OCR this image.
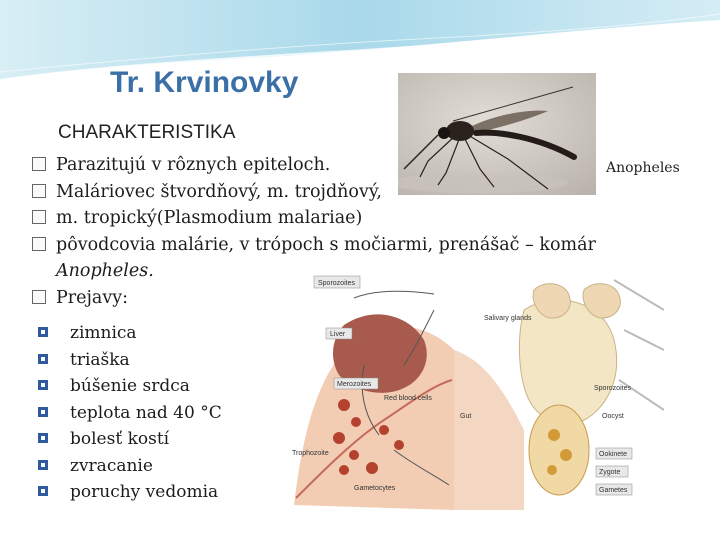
Tr. Krvinovky
CHARAKTERISTIKA
Parazitujú v rôznych epiteloch.
Maláriovec štvordňový, m. trojdňový,
m. tropický(Plasmodium malariae)
pôvodcovia malárie, v trópoch s močiarmi, prenášač – komár
Anopheles.
Prejavy:
zimnica
triaška
búšenie srdca
teplota nad 40 °C
bolesť kostí
zvracanie
poruchy vedomia
Anopheles
Sporozoites
Liver
Merozoites
Red blood cells
Trophozoite
Gametocytes
Salivary glands
Sporozoites
Gut	Oocyst
Ookinete
Zygote
Gametes
